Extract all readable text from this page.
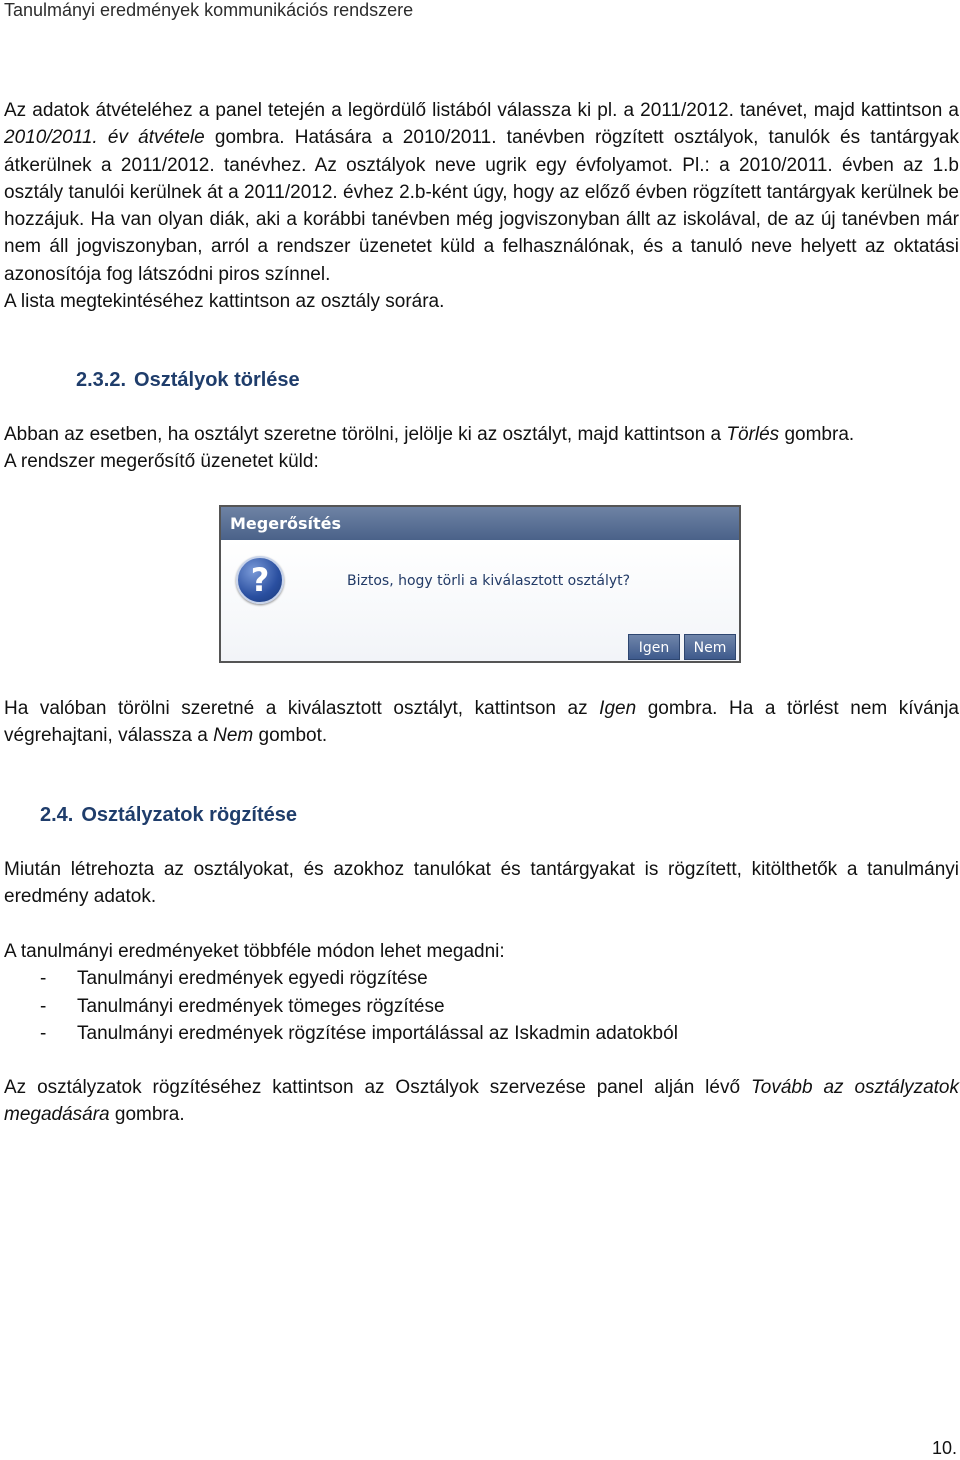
Tanulmányi eredmények kommunikációs rendszere

Az adatok átvételéhez a panel tetején a legördülő listából válassza ki pl. a 2011/2012. tanévet, majd kattintson a 2010/2011. év átvétele gombra. Hatására a 2010/2011. tanévben rögzített osztályok, tanulók és tantárgyak átkerülnek a 2011/2012. tanévhez. Az osztályok neve ugrik egy évfolyamot. Pl.: a 2010/2011. évben az 1.b osztály tanulói kerülnek át a 2011/2012. évhez 2.b-ként úgy, hogy az előző évben rögzített tantárgyak kerülnek be hozzájuk. Ha van olyan diák, aki a korábbi tanévben még jogviszonyban állt az iskolával, de az új tanévben már nem áll jogviszonyban, arról a rendszer üzenetet küld a felhasználónak, és a tanuló neve helyett az oktatási azonosítója fog látszódni piros színnel.

A lista megtekintéséhez kattintson az osztály sorára.

2.3.2. Osztályok törlése

Abban az esetben, ha osztályt szeretne törölni, jelölje ki az osztályt, majd kattintson a Törlés gombra.

A rendszer megerősítő üzenetet küld:

Megerősítés
?	Biztos, hogy törli a kiválasztott osztályt?
Igen	Nem

Ha valóban törölni szeretné a kiválasztott osztályt, kattintson az Igen gombra. Ha a törlést nem kívánja végrehajtani, válassza a Nem gombot.

2.4. Osztályzatok rögzítése

Miután létrehozta az osztályokat, és azokhoz tanulókat és tantárgyakat is rögzített, kitölthetők a tanulmányi eredmény adatok.

A tanulmányi eredményeket többféle módon lehet megadni:

- Tanulmányi eredmények egyedi rögzítése
- Tanulmányi eredmények tömeges rögzítése
- Tanulmányi eredmények rögzítése importálással az Iskadmin adatokból

Az osztályzatok rögzítéséhez kattintson az Osztályok szervezése panel alján lévő Tovább az osztályzatok megadására gombra.

10.
